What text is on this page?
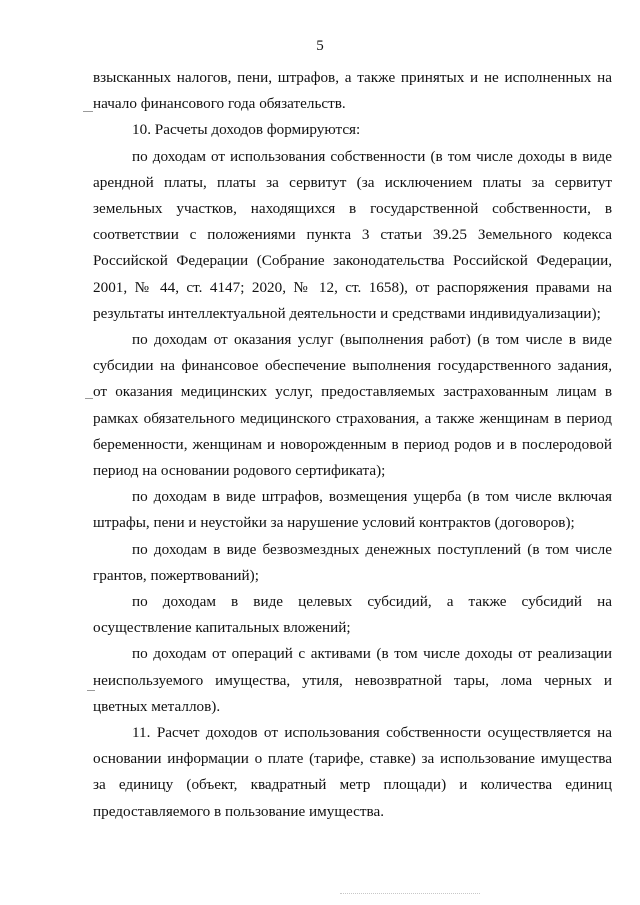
5

взысканных налогов, пени, штрафов, а также принятых и не исполненных на начало финансового года обязательств.

10. Расчеты доходов формируются:

по доходам от использования собственности (в том числе доходы в виде арендной платы, платы за сервитут (за исключением платы за сервитут земельных участков, находящихся в государственной собственности, в соответствии с положениями пункта 3 статьи 39.25 Земельного кодекса Российской Федерации (Собрание законодательства Российской Федерации, 2001, № 44, ст. 4147; 2020, № 12, ст. 1658), от распоряжения правами на результаты интеллектуальной деятельности и средствами индивидуализации);

по доходам от оказания услуг (выполнения работ) (в том числе в виде субсидии на финансовое обеспечение выполнения государственного задания, от оказания медицинских услуг, предоставляемых застрахованным лицам в рамках обязательного медицинского страхования, а также женщинам в период беременности, женщинам и новорожденным в период родов и в послеродовой период на основании родового сертификата);

по доходам в виде штрафов, возмещения ущерба (в том числе включая штрафы, пени и неустойки за нарушение условий контрактов (договоров);

по доходам в виде безвозмездных денежных поступлений (в том числе грантов, пожертвований);

по доходам в виде целевых субсидий, а также субсидий на осуществление капитальных вложений;

по доходам от операций с активами (в том числе доходы от реализации неиспользуемого имущества, утиля, невозвратной тары, лома черных и цветных металлов).

11. Расчет доходов от использования собственности осуществляется на основании информации о плате (тарифе, ставке) за использование имущества за единицу (объект, квадратный метр площади) и количества единиц предоставляемого в пользование имущества.
